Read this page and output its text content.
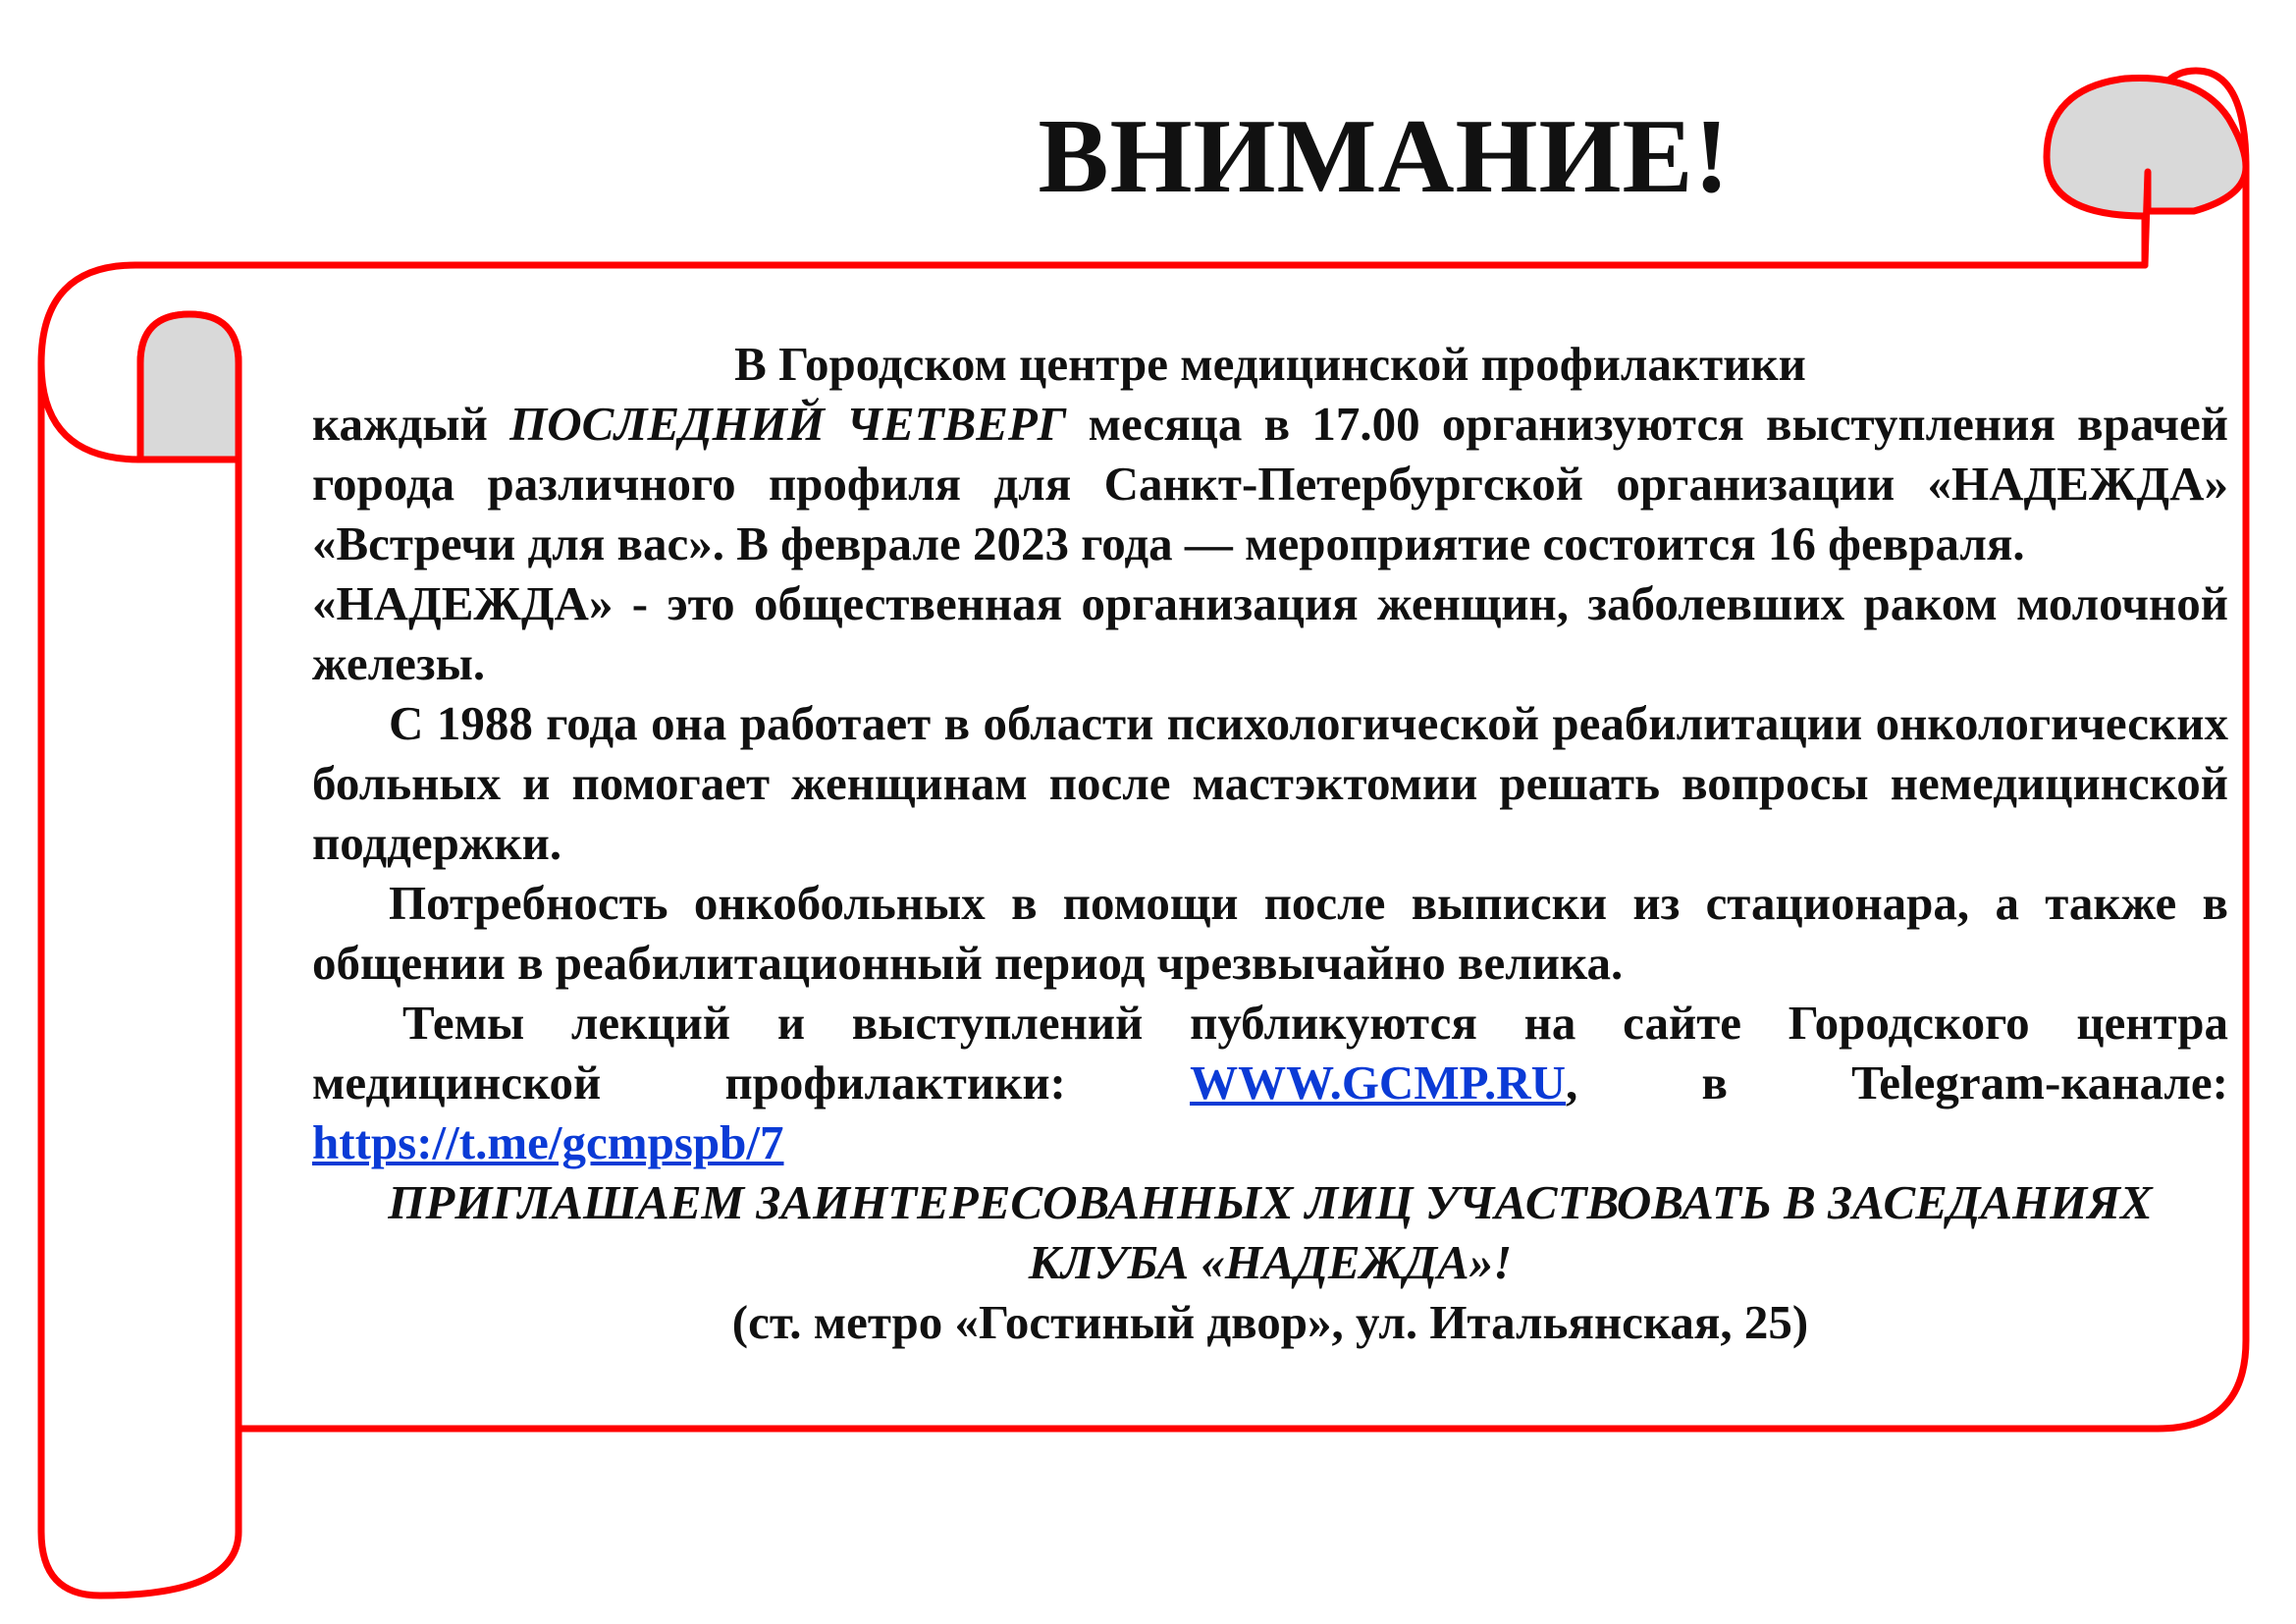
ВНИМАНИЕ!

В Городском центре медицинской профилактики

каждый ПОСЛЕДНИЙ ЧЕТВЕРГ месяца в 17.00 организуются выступления врачей города различного профиля для Санкт-Петербургской организации «НАДЕЖДА» «Встречи для вас». В феврале 2023 года — мероприятие состоится 16 февраля.

«НАДЕЖДА» - это общественная организация женщин, заболевших раком молочной железы.

С 1988 года она работает в области психологической реабилитации онкологических больных и помогает женщинам после мастэктомии решать вопросы немедицинской поддержки.

Потребность онкобольных в помощи после выписки из стационара, а также в общении в реабилитационный период чрезвычайно велика.

Темы лекций и выступлений публикуются на сайте Городского центра медицинской профилактики: WWW.GCMP.RU, в Telegram-канале: https://t.me/gcmpspb/7

ПРИГЛАШАЕМ ЗАИНТЕРЕСОВАННЫХ ЛИЦ УЧАСТВОВАТЬ В ЗАСЕДАНИЯХ КЛУБА «НАДЕЖДА»!

(ст. метро «Гостиный двор», ул. Итальянская, 25)
